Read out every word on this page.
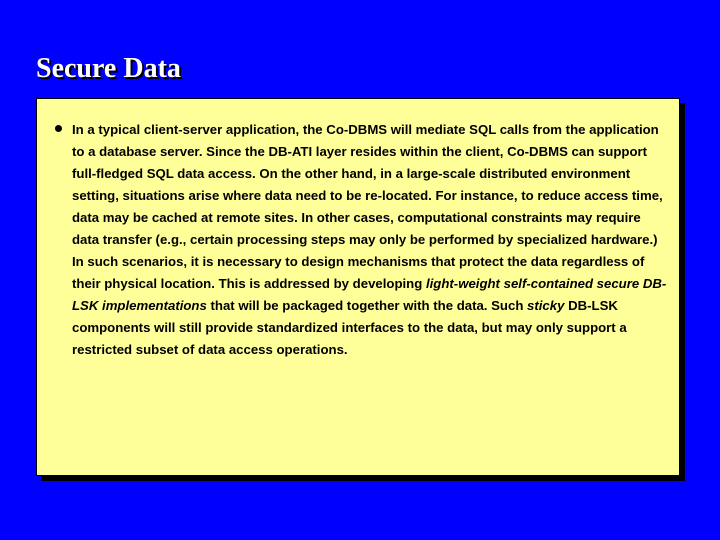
Secure Data

In a typical client-server application, the Co-DBMS will mediate SQL calls from the application to a database server. Since the DB-ATI layer resides within the client, Co-DBMS can support full-fledged SQL data access. On the other hand, in a large-scale distributed environment setting, situations arise where data need to be re-located. For instance, to reduce access time, data may be cached at remote sites. In other cases, computational constraints may require data transfer (e.g., certain processing steps may only be performed by specialized hardware.) In such scenarios, it is necessary to design mechanisms that protect the data regardless of their physical location. This is addressed by developing light-weight self-contained secure DB-LSK implementations that will be packaged together with the data. Such sticky DB-LSK components will still provide standardized interfaces to the data, but may only support a restricted subset of data access operations.
